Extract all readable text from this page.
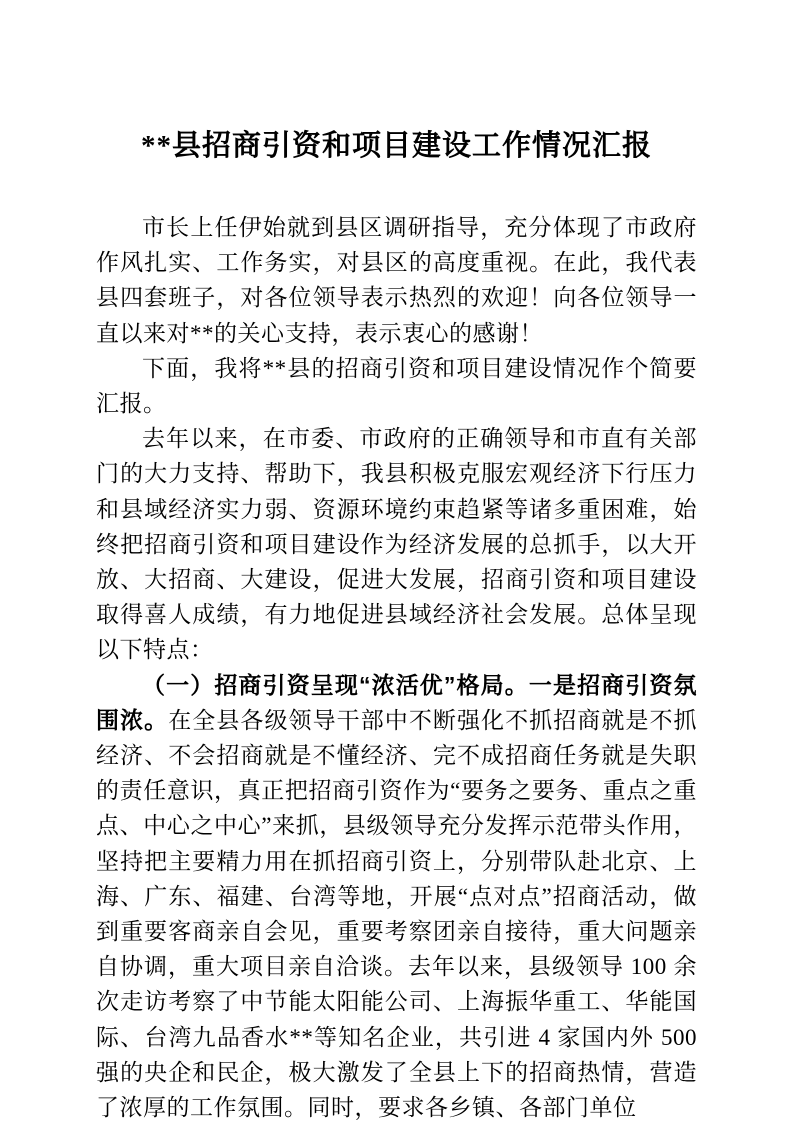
**县招商引资和项目建设工作情况汇报

市长上任伊始就到县区调研指导，充分体现了市政府作风扎实、工作务实，对县区的高度重视。在此，我代表县四套班子，对各位领导表示热烈的欢迎！向各位领导一直以来对**的关心支持，表示衷心的感谢！

下面，我将**县的招商引资和项目建设情况作个简要汇报。

去年以来，在市委、市政府的正确领导和市直有关部门的大力支持、帮助下，我县积极克服宏观经济下行压力和县域经济实力弱、资源环境约束趋紧等诸多重困难，始终把招商引资和项目建设作为经济发展的总抓手，以大开放、大招商、大建设，促进大发展，招商引资和项目建设取得喜人成绩，有力地促进县域经济社会发展。总体呈现以下特点：

（一）招商引资呈现“浓活优”格局。一是招商引资氛围浓。在全县各级领导干部中不断强化不抓招商就是不抓经济、不会招商就是不懂经济、完不成招商任务就是失职的责任意识，真正把招商引资作为“要务之要务、重点之重点、中心之中心”来抓，县级领导充分发挥示范带头作用，坚持把主要精力用在抓招商引资上，分别带队赴北京、上海、广东、福建、台湾等地，开展“点对点”招商活动，做到重要客商亲自会见，重要考察团亲自接待，重大问题亲自协调，重大项目亲自洽谈。去年以来，县级领导 100 余次走访考察了中节能太阳能公司、上海振华重工、华能国际、台湾九品香水**等知名企业，共引进 4 家国内外 500 强的央企和民企，极大激发了全县上下的招商热情，营造了浓厚的工作氛围。同时，要求各乡镇、各部门单位
